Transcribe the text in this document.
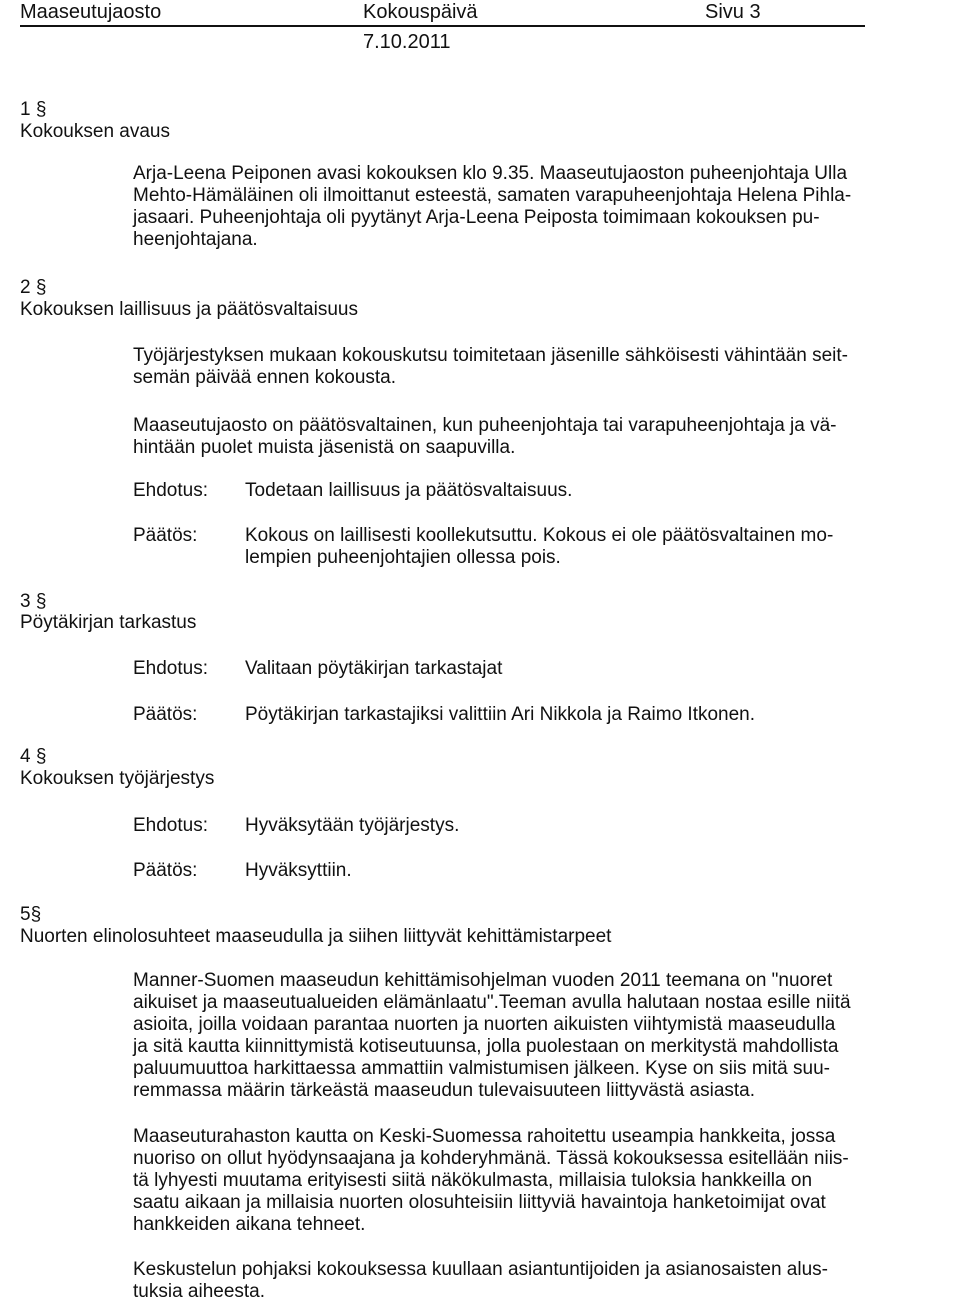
Maaseutujaosto	Kokouspäivä	Sivu 3
7.10.2011
1 §
Kokouksen avaus
Arja-Leena Peiponen avasi kokouksen klo 9.35. Maaseutujaoston puheenjohtaja Ulla
Mehto-Hämäläinen oli ilmoittanut esteestä, samaten varapuheenjohtaja Helena Pihla-
jasaari. Puheenjohtaja oli pyytänyt Arja-Leena Peiposta toimimaan kokouksen pu-
heenjohtajana.
2 §
Kokouksen laillisuus ja päätösvaltaisuus
Työjärjestyksen mukaan kokouskutsu toimitetaan jäsenille sähköisesti vähintään seit-
semän päivää ennen kokousta.
Maaseutujaosto on päätösvaltainen, kun puheenjohtaja tai varapuheenjohtaja ja vä-
hintään puolet muista jäsenistä on saapuvilla.
Ehdotus: Todetaan laillisuus ja päätösvaltaisuus.
Päätös:	Kokous on laillisesti koollekutsuttu. Kokous ei ole päätösvaltainen mo-
lempien puheenjohtajien ollessa pois.
3 §
Pöytäkirjan tarkastus
Ehdotus: Valitaan pöytäkirjan tarkastajat
Päätös:	Pöytäkirjan tarkastajiksi valittiin Ari Nikkola ja Raimo Itkonen.
4 §
Kokouksen työjärjestys
Ehdotus: Hyväksytään työjärjestys.
Päätös:	Hyväksyttiin.
5§
Nuorten elinolosuhteet maaseudulla ja siihen liittyvät kehittämistarpeet
Manner-Suomen maaseudun kehittämisohjelman vuoden 2011 teemana on "nuoret
aikuiset ja maaseutualueiden elämänlaatu".Teeman avulla halutaan nostaa esille niitä
asioita, joilla voidaan parantaa nuorten ja nuorten aikuisten viihtymistä maaseudulla
ja sitä kautta kiinnittymistä kotiseutuunsa, jolla puolestaan on merkitystä mahdollista
paluumuuttoa harkittaessa ammattiin valmistumisen jälkeen. Kyse on siis mitä suu-
remmassa määrin tärkeästä maaseudun tulevaisuuteen liittyvästä asiasta.
Maaseuturahaston kautta on Keski-Suomessa rahoitettu useampia hankkeita, jossa
nuoriso on ollut hyödynsaajana ja kohderyhmänä. Tässä kokouksessa esitellään niis-
tä lyhyesti muutama erityisesti siitä näkökulmasta, millaisia tuloksia hankkeilla on
saatu aikaan ja millaisia nuorten olosuhteisiin liittyviä havaintoja hanketoimijat ovat
hankkeiden aikana tehneet.
Keskustelun pohjaksi kokouksessa kuullaan asiantuntijoiden ja asianosaisten alus-
tuksia aiheesta.
